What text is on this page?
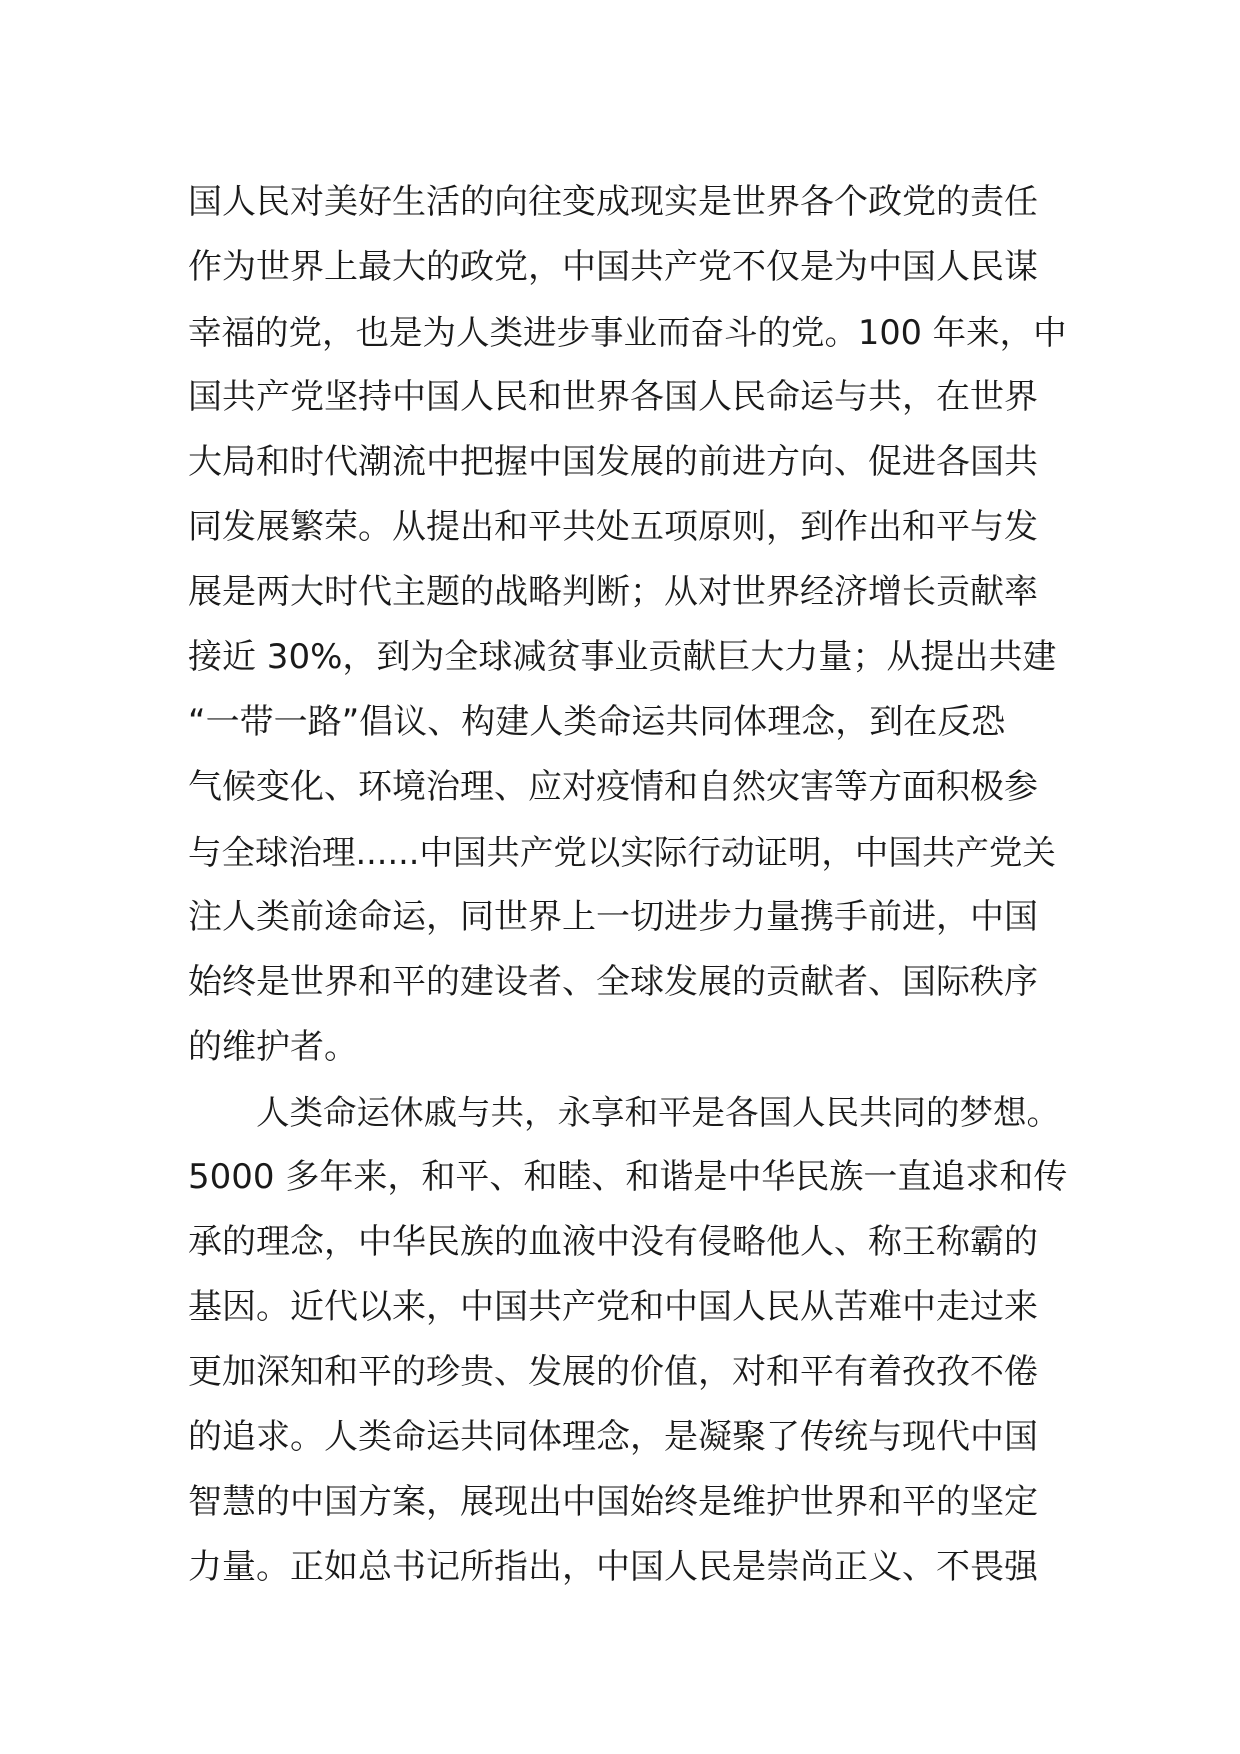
国人民对美好生活的向往变成现实是世界各个政党的责任
作为世界上最大的政党，中国共产党不仅是为中国人民谋
幸福的党，也是为人类进步事业而奋斗的党。100 年来，中
国共产党坚持中国人民和世界各国人民命运与共，在世界
大局和时代潮流中把握中国发展的前进方向、促进各国共
同发展繁荣。从提出和平共处五项原则，到作出和平与发
展是两大时代主题的战略判断；从对世界经济增长贡献率
接近 30%，到为全球减贫事业贡献巨大力量；从提出共建
“一带一路”倡议、构建人类命运共同体理念，到在反恐
气候变化、环境治理、应对疫情和自然灾害等方面积极参
与全球治理......中国共产党以实际行动证明，中国共产党关
注人类前途命运，同世界上一切进步力量携手前进，中国
始终是世界和平的建设者、全球发展的贡献者、国际秩序
的维护者。
人类命运休戚与共，永享和平是各国人民共同的梦想。
5000 多年来，和平、和睦、和谐是中华民族一直追求和传
承的理念，中华民族的血液中没有侵略他人、称王称霸的
基因。近代以来，中国共产党和中国人民从苦难中走过来
更加深知和平的珍贵、发展的价值，对和平有着孜孜不倦
的追求。人类命运共同体理念，是凝聚了传统与现代中国
智慧的中国方案，展现出中国始终是维护世界和平的坚定
力量。正如总书记所指出，中国人民是崇尚正义、不畏强
